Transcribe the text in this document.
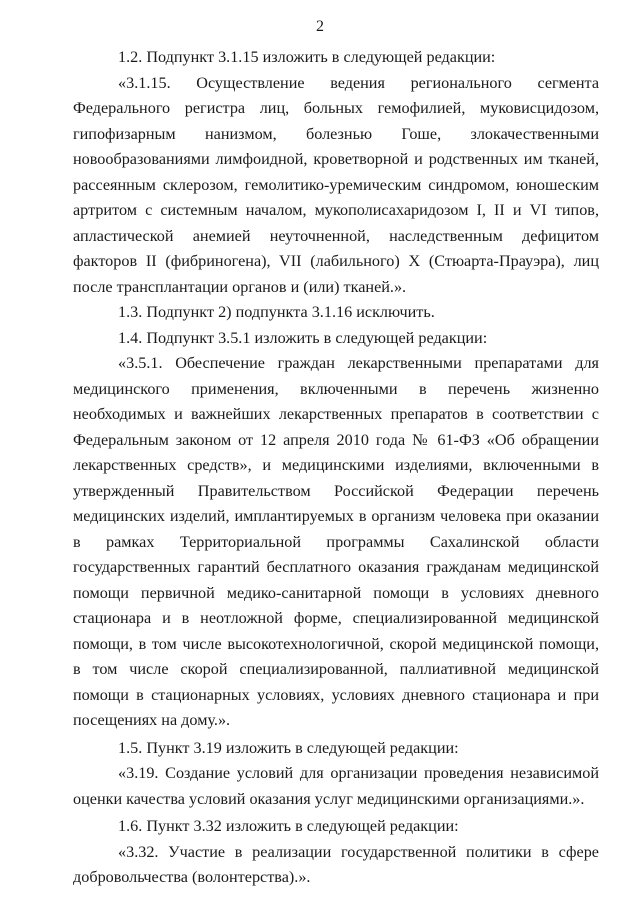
2

1.2. Подпункт 3.1.15 изложить в следующей редакции:

«3.1.15. Осуществление ведения регионального сегмента Федерального регистра лиц, больных гемофилией, муковисцидозом, гипофизарным нанизмом, болезнью Гоше, злокачественными новообразованиями лимфоидной, кроветворной и родственных им тканей, рассеянным склерозом, гемолитико-уремическим синдромом, юношеским артритом с системным началом, мукополисахаридозом I, II и VI типов, апластической анемией неуточненной, наследственным дефицитом факторов II (фибриногена), VII (лабильного) X (Стюарта-Прауэра), лиц после трансплантации органов и (или) тканей.».

1.3. Подпункт 2) подпункта 3.1.16 исключить.

1.4. Подпункт 3.5.1 изложить в следующей редакции:

«3.5.1. Обеспечение граждан лекарственными препаратами для медицинского применения, включенными в перечень жизненно необходимых и важнейших лекарственных препаратов в соответствии с Федеральным законом от 12 апреля 2010 года № 61-ФЗ «Об обращении лекарственных средств», и медицинскими изделиями, включенными в утвержденный Правительством Российской Федерации перечень медицинских изделий, имплантируемых в организм человека при оказании в рамках Территориальной программы Сахалинской области государственных гарантий бесплатного оказания гражданам медицинской помощи первичной медико-санитарной помощи в условиях дневного стационара и в неотложной форме, специализированной медицинской помощи, в том числе высокотехнологичной, скорой медицинской помощи, в том числе скорой специализированной, паллиативной медицинской помощи в стационарных условиях, условиях дневного стационара и при посещениях на дому.».

1.5. Пункт 3.19 изложить в следующей редакции:

«3.19. Создание условий для организации проведения независимой оценки качества условий оказания услуг медицинскими организациями.».

1.6. Пункт 3.32 изложить в следующей редакции:

«3.32. Участие в реализации государственной политики в сфере добровольчества (волонтерства).».
